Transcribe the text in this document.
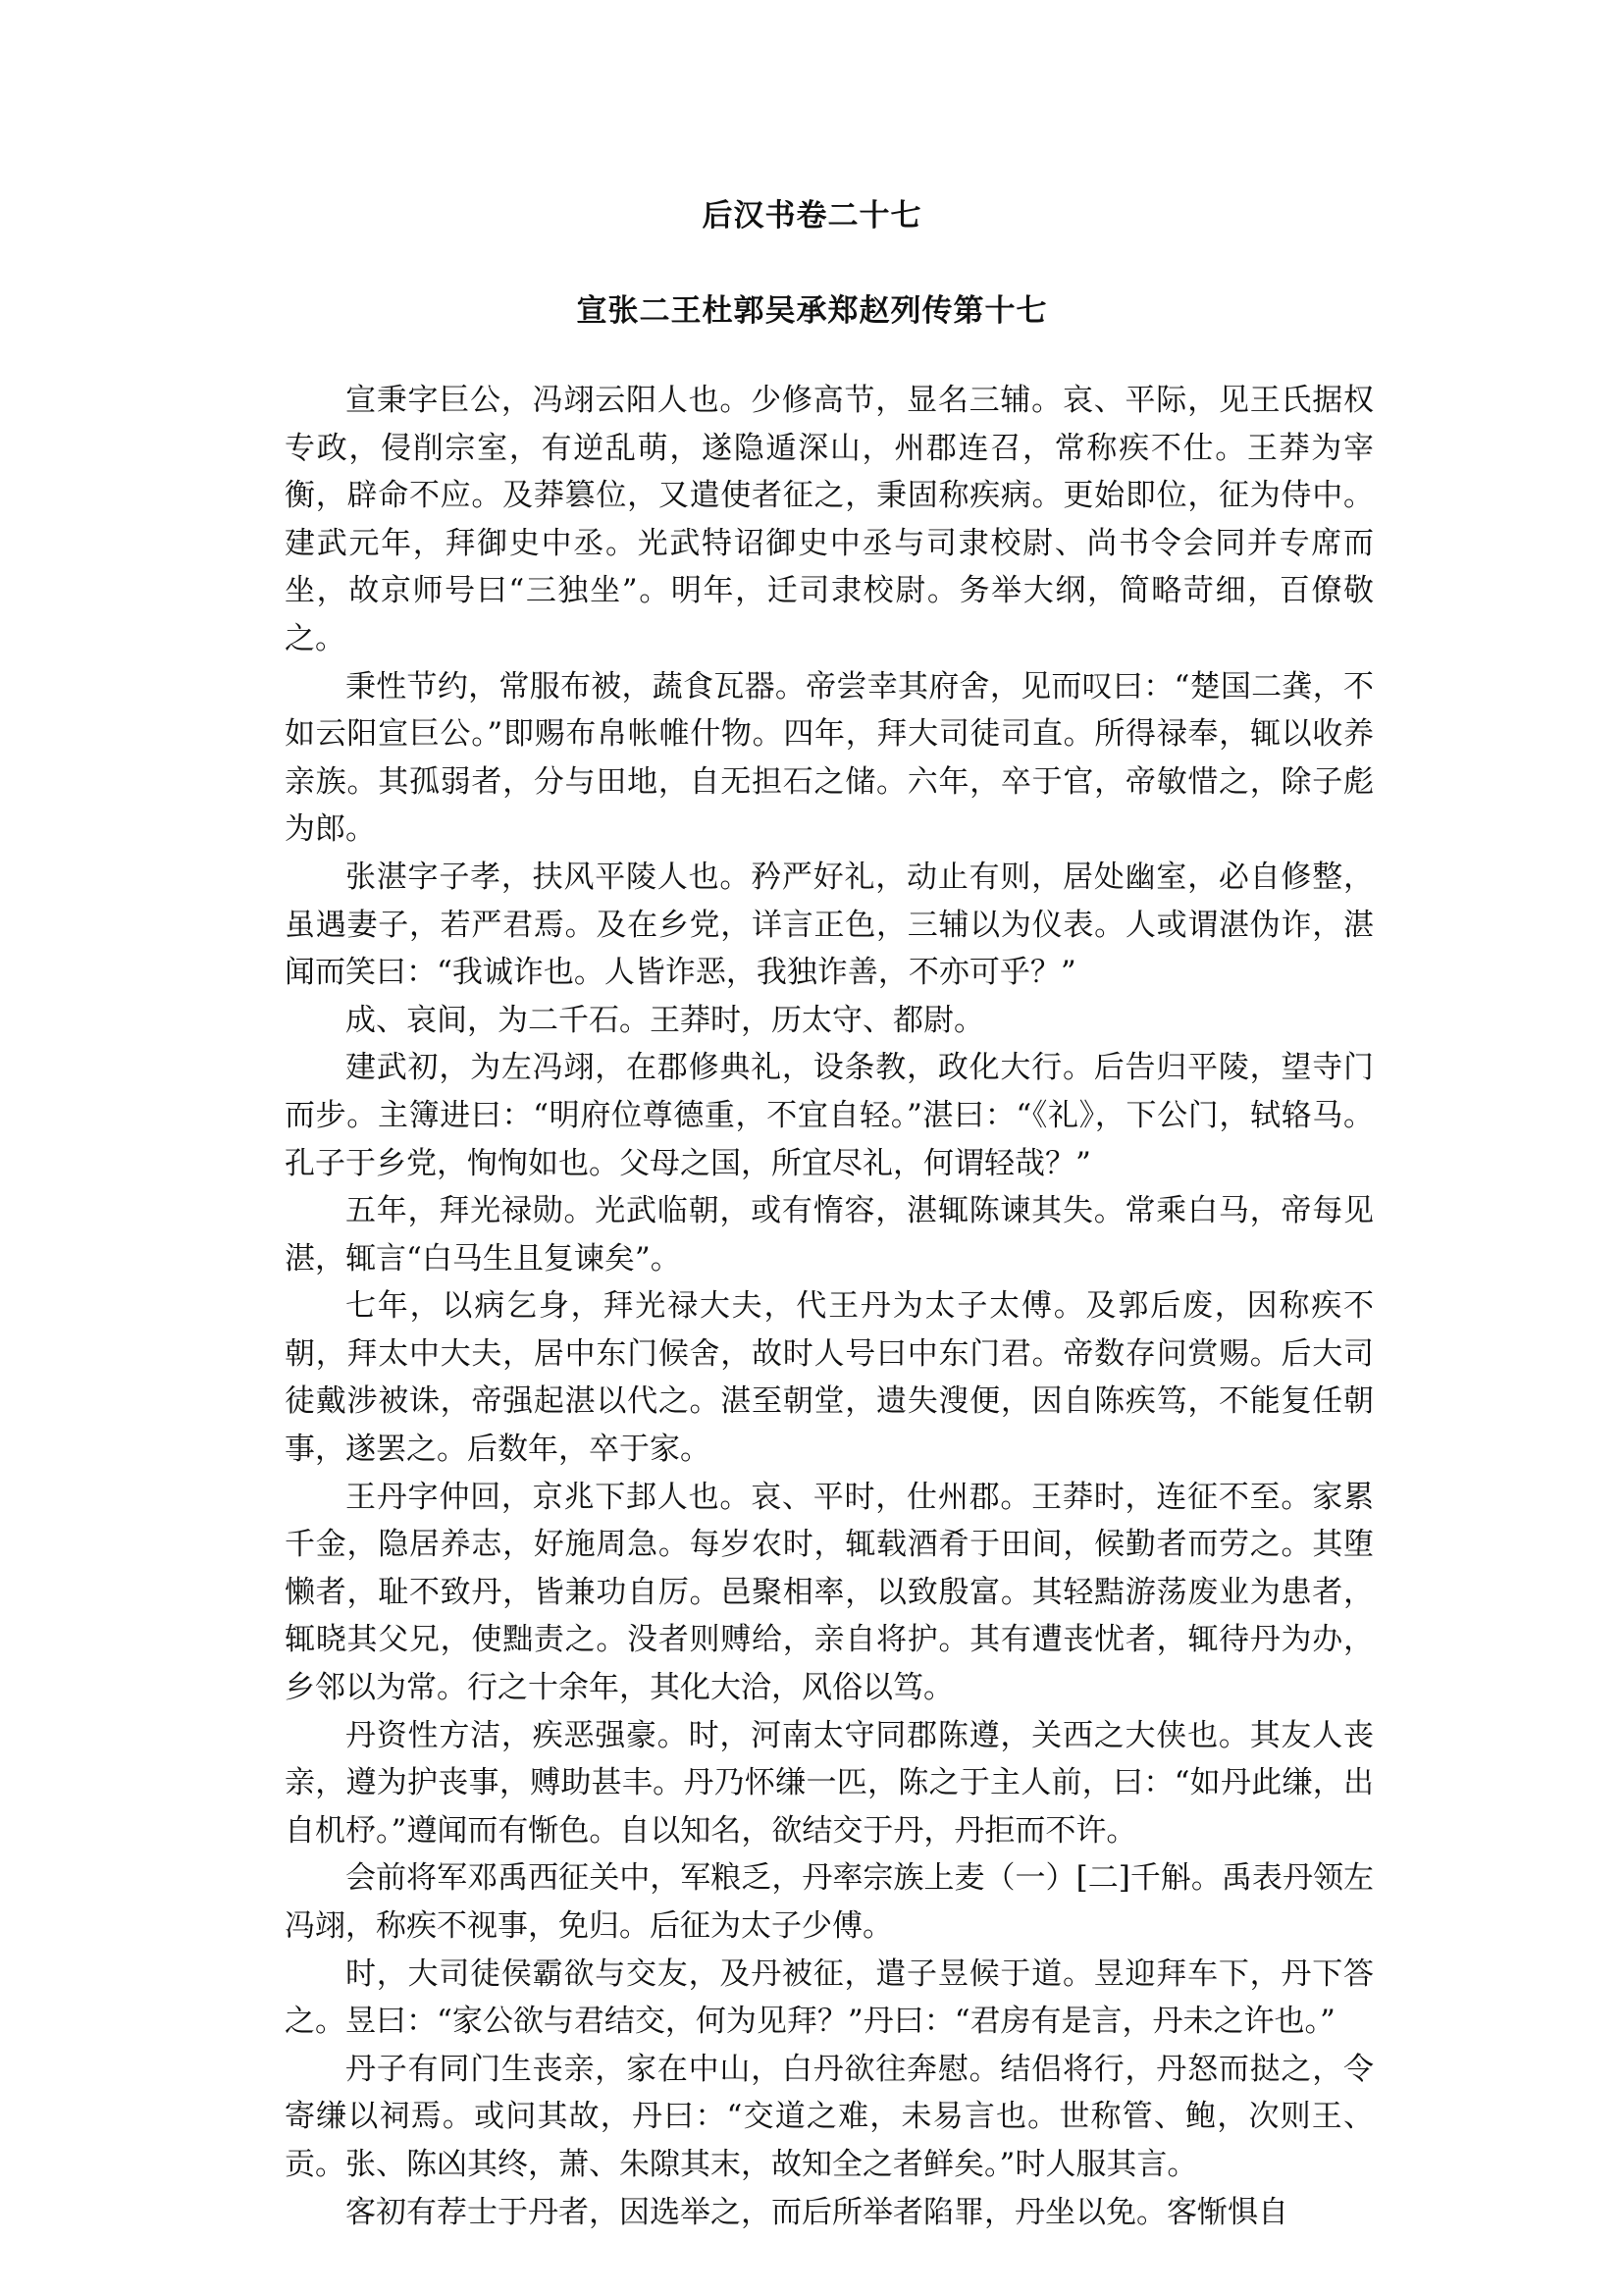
后汉书卷二十七
宣张二王杜郭吴承郑赵列传第十七

宣秉字巨公，冯翊云阳人也。少修高节，显名三辅。哀、平际，见王氏据权专政，侵削宗室，有逆乱萌，遂隐遁深山，州郡连召，常称疾不仕。王莽为宰衡，辟命不应。及莽篡位，又遣使者征之，秉固称疾病。更始即位，征为侍中。建武元年，拜御史中丞。光武特诏御史中丞与司隶校尉、尚书令会同并专席而坐，故京师号曰“三独坐”。明年，迁司隶校尉。务举大纲，简略苛细，百僚敬之。

秉性节约，常服布被，蔬食瓦器。帝尝幸其府舍，见而叹曰：“楚国二龚，不如云阳宣巨公。”即赐布帛帐帷什物。四年，拜大司徒司直。所得禄奉，辄以收养亲族。其孤弱者，分与田地，自无担石之储。六年，卒于官，帝敏惜之，除子彪为郎。

张湛字子孝，扶风平陵人也。矜严好礼，动止有则，居处幽室，必自修整，虽遇妻子，若严君焉。及在乡党，详言正色，三辅以为仪表。人或谓湛伪诈，湛闻而笑曰：“我诚诈也。人皆诈恶，我独诈善，不亦可乎？”

成、哀间，为二千石。王莽时，历太守、都尉。

建武初，为左冯翊，在郡修典礼，设条教，政化大行。后告归平陵，望寺门而步。主簿进曰：“明府位尊德重，不宜自轻。”湛曰：“《礼》，下公门，轼辂马。孔子于乡党，恂恂如也。父母之国，所宜尽礼，何谓轻哉？”

五年，拜光禄勋。光武临朝，或有惰容，湛辄陈谏其失。常乘白马，帝每见湛，辄言“白马生且复谏矣”。

七年，以病乞身，拜光禄大夫，代王丹为太子太傅。及郭后废，因称疾不朝，拜太中大夫，居中东门候舍，故时人号曰中东门君。帝数存问赏赐。后大司徒戴涉被诛，帝强起湛以代之。湛至朝堂，遗失溲便，因自陈疾笃，不能复任朝事，遂罢之。后数年，卒于家。

王丹字仲回，京兆下邽人也。哀、平时，仕州郡。王莽时，连征不至。家累千金，隐居养志，好施周急。每岁农时，辄载酒肴于田间，候勤者而劳之。其堕懒者，耻不致丹，皆兼功自厉。邑聚相率，以致殷富。其轻黠游荡废业为患者，辄晓其父兄，使黜责之。没者则赙给，亲自将护。其有遭丧忧者，辄待丹为办，乡邻以为常。行之十余年，其化大洽，风俗以笃。

丹资性方洁，疾恶强豪。时，河南太守同郡陈遵，关西之大侠也。其友人丧亲，遵为护丧事，赙助甚丰。丹乃怀缣一匹，陈之于主人前，曰：“如丹此缣，出自机杼。”遵闻而有惭色。自以知名，欲结交于丹，丹拒而不许。

会前将军邓禹西征关中，军粮乏，丹率宗族上麦（一）[二]千斛。禹表丹领左冯翊，称疾不视事，免归。后征为太子少傅。

时，大司徒侯霸欲与交友，及丹被征，遣子昱候于道。昱迎拜车下，丹下答之。昱曰：“家公欲与君结交，何为见拜？”丹曰：“君房有是言，丹未之许也。”

丹子有同门生丧亲，家在中山，白丹欲往奔慰。结侣将行，丹怒而挞之，令寄缣以祠焉。或问其故，丹曰：“交道之难，未易言也。世称管、鲍，次则王、贡。张、陈凶其终，萧、朱隙其末，故知全之者鲜矣。”时人服其言。

客初有荐士于丹者，因选举之，而后所举者陷罪，丹坐以免。客惭惧自
